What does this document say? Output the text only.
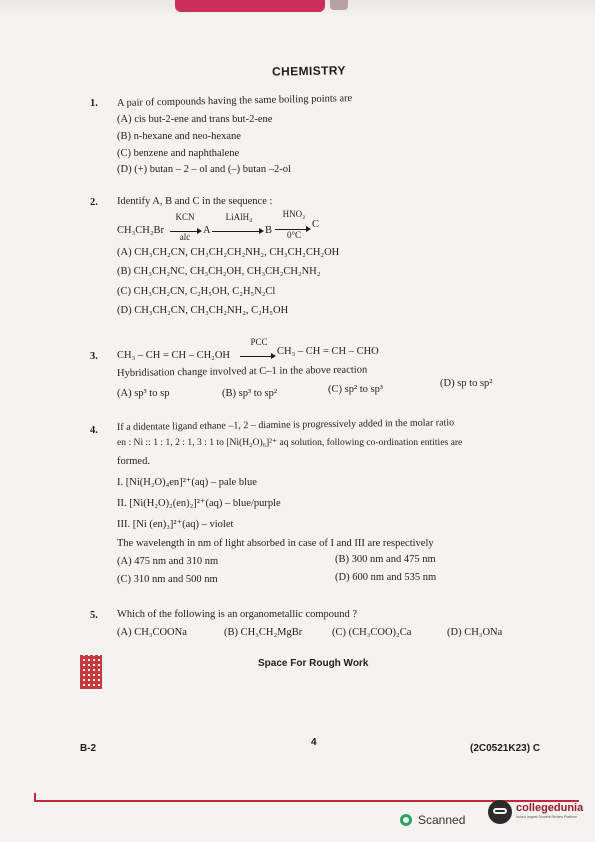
CHEMISTRY
1. A pair of compounds having the same boiling points are
(A) cis but-2-ene and trans but-2-ene
(B) n-hexane and neo-hexane
(C) benzene and naphthalene
(D) (+) butan – 2 – ol and (–) butan –2-ol
2. Identify A, B and C in the sequence :
CH₃CH₂Br
KCN
alc
A
LiAlH₄
B
HNO₂
0°C
C
(A) CH₃CH₂CN, CH₃CH₂CH₂NH₂, CH₃CH₂CH₂OH
(B) CH₃CH₂NC, CH₃CH₂OH, CH₃CH₂CH₂NH₂
(C) CH₃CH₂CN, C₂H₅OH, C₂H₅N₂Cl
(D) CH₃CH₂CN, CH₃CH₂NH₂, C₂H₅OH
3. CH₃ – CH = CH – CH₂OH
PCC
CH₃ – CH = CH – CHO
Hybridisation change involved at C–1 in the above reaction
(A) sp³ to sp	(B) sp³ to sp²	(C) sp² to sp³
(D) sp to sp²
4. If a didentate ligand ethane –1, 2 – diamine is progressively added in the molar ratio
en : Ni :: 1 : 1, 2 : 1, 3 : 1 to [Ni(H₂O)₆]²⁺ aq solution, following co-ordination entities are
formed.
I. [Ni(H₂O)₄en]²⁺(aq) – pale blue
II. [Ni(H₂O)₂(en)₂]²⁺(aq) – blue/purple
III. [Ni (en)₃]²⁺(aq) – violet
The wavelength in nm of light absorbed in case of I and III are respectively
(A) 475 nm and 310 nm	(B) 300 nm and 475 nm
(C) 310 nm and 500 nm	(D) 600 nm and 535 nm
5. Which of the following is an organometallic compound ?
(A) CH₃COONa	(B) CH₃CH₂MgBr	(C) (CH₃COO)₂Ca	(D) CH₃ONa
Space For Rough Work
B-2
4
(2C0521K23) C
Scanned
collegedunia
India's largest Student Review Platform
